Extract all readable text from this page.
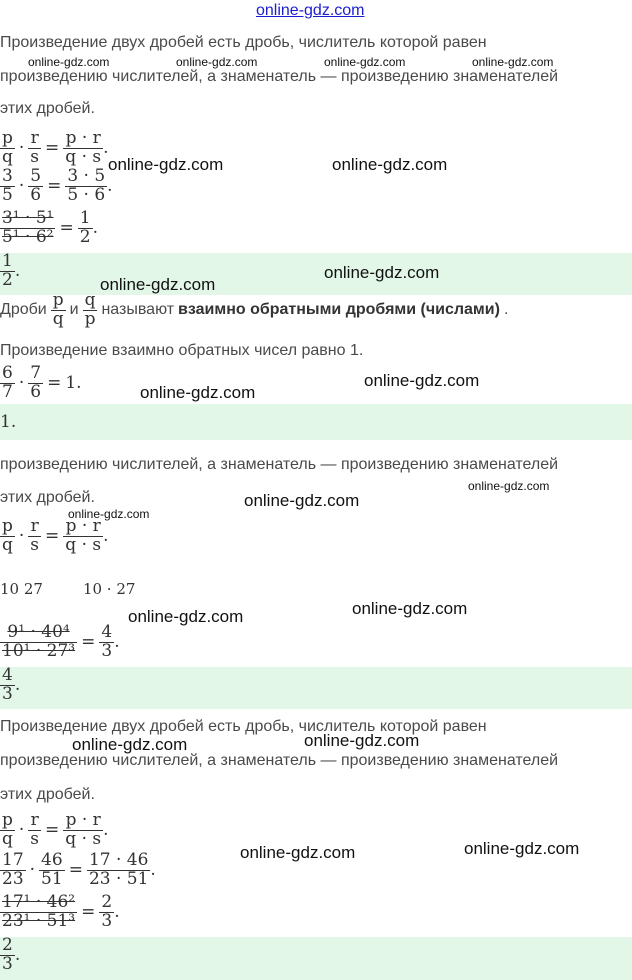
online-gdz.com
Произведение двух дробей есть дробь, числитель которой равен
произведению числителей, а знаменатель — произведению знаменателей
этих дробей.
$\frac{p}{q} \cdot \frac{r}{s} = \frac{p \cdot r}{q \cdot s}$ .
$\frac{3}{5} \cdot \frac{5}{6} = \frac{3 \cdot 5}{5 \cdot 6}$ .
$\frac{\text{3¹ · 5¹}}{\text{5¹ · 6²}} = \frac{1}{2}$ .
$\frac{1}{2}$ .
Дроби $\frac{p}{q}$ и $\frac{q}{p}$ называют взаимно обратными дробями (числами) .
Произведение взаимно обратных чисел равно 1.
$\frac{6}{7} \cdot \frac{7}{6} = 1$.
1.
произведению числителей, а знаменатель — произведению знаменателей
этих дробей.
$\frac{p}{q} \cdot \frac{r}{s} = \frac{p \cdot r}{q \cdot s}$ .
10 27	10 · 27
$\frac{\text{9¹ · 40⁴}}{\text{10¹ · 27³}} = \frac{4}{3}$ .
$\frac{4}{3}$ .
Произведение двух дробей есть дробь, числитель которой равен
произведению числителей, а знаменатель — произведению знаменателей
этих дробей.
$\frac{p}{q} \cdot \frac{r}{s} = \frac{p \cdot r}{q \cdot s}$ .
$\frac{17}{23} \cdot \frac{46}{51} = \frac{17 \cdot 46}{23 \cdot 51}$ .
$\frac{\text{17¹ · 46²}}{\text{23¹ · 51³}} = \frac{2}{3}$ .
$\frac{2}{3}$ .
online-gdz.com	online-gdz.com	online-gdz.com	online-gdz.com
online-gdz.com	online-gdz.com
online-gdz.com
online-gdz.com
online-gdz.com
online-gdz.com
online-gdz.com
online-gdz.com
online-gdz.com
online-gdz.com	online-gdz.com
online-gdz.com	online-gdz.com
online-gdz.com	online-gdz.com
